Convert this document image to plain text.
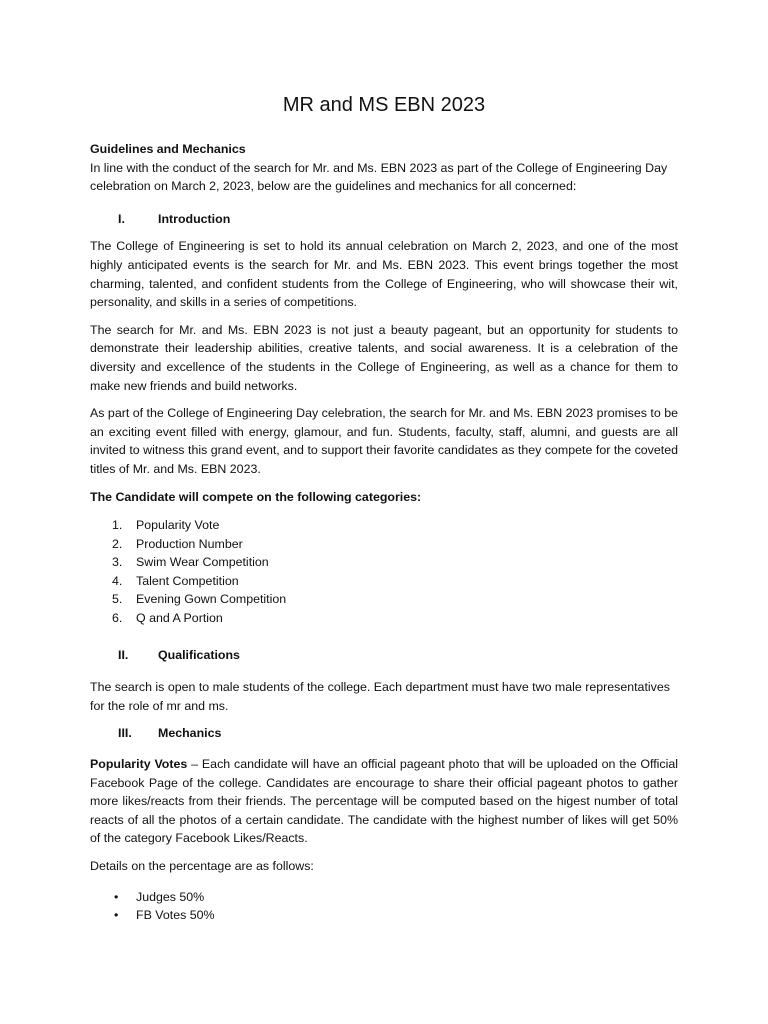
MR and MS EBN 2023
Guidelines and Mechanics

In line with the conduct of the search for Mr. and Ms. EBN 2023 as part of the College of Engineering Day celebration on March 2, 2023, below are the guidelines and mechanics for all concerned:

I.	Introduction

The College of Engineering is set to hold its annual celebration on March 2, 2023, and one of the most highly anticipated events is the search for Mr. and Ms. EBN 2023. This event brings together the most charming, talented, and confident students from the College of Engineering, who will showcase their wit, personality, and skills in a series of competitions.

The search for Mr. and Ms. EBN 2023 is not just a beauty pageant, but an opportunity for students to demonstrate their leadership abilities, creative talents, and social awareness. It is a celebration of the diversity and excellence of the students in the College of Engineering, as well as a chance for them to make new friends and build networks.

As part of the College of Engineering Day celebration, the search for Mr. and Ms. EBN 2023 promises to be an exciting event filled with energy, glamour, and fun. Students, faculty, staff, alumni, and guests are all invited to witness this grand event, and to support their favorite candidates as they compete for the coveted titles of Mr. and Ms. EBN 2023.

The Candidate will compete on the following categories:

1.	Popularity Vote
2.	Production Number
3.	Swim Wear Competition
4.	Talent Competition
5.	Evening Gown Competition
6.	Q and A Portion
II.	Qualifications

The search is open to male students of the college. Each department must have two male representatives for the role of mr and ms.

III.	Mechanics

Popularity Votes – Each candidate will have an official pageant photo that will be uploaded on the Official Facebook Page of the college. Candidates are encourage to share their official pageant photos to gather more likes/reacts from their friends. The percentage will be computed based on the higest number of total reacts of all the photos of a certain candidate. The candidate with the highest number of likes will get 50% of the category Facebook Likes/Reacts.

Details on the percentage are as follows:

•	Judges 50%
•	FB Votes 50%
